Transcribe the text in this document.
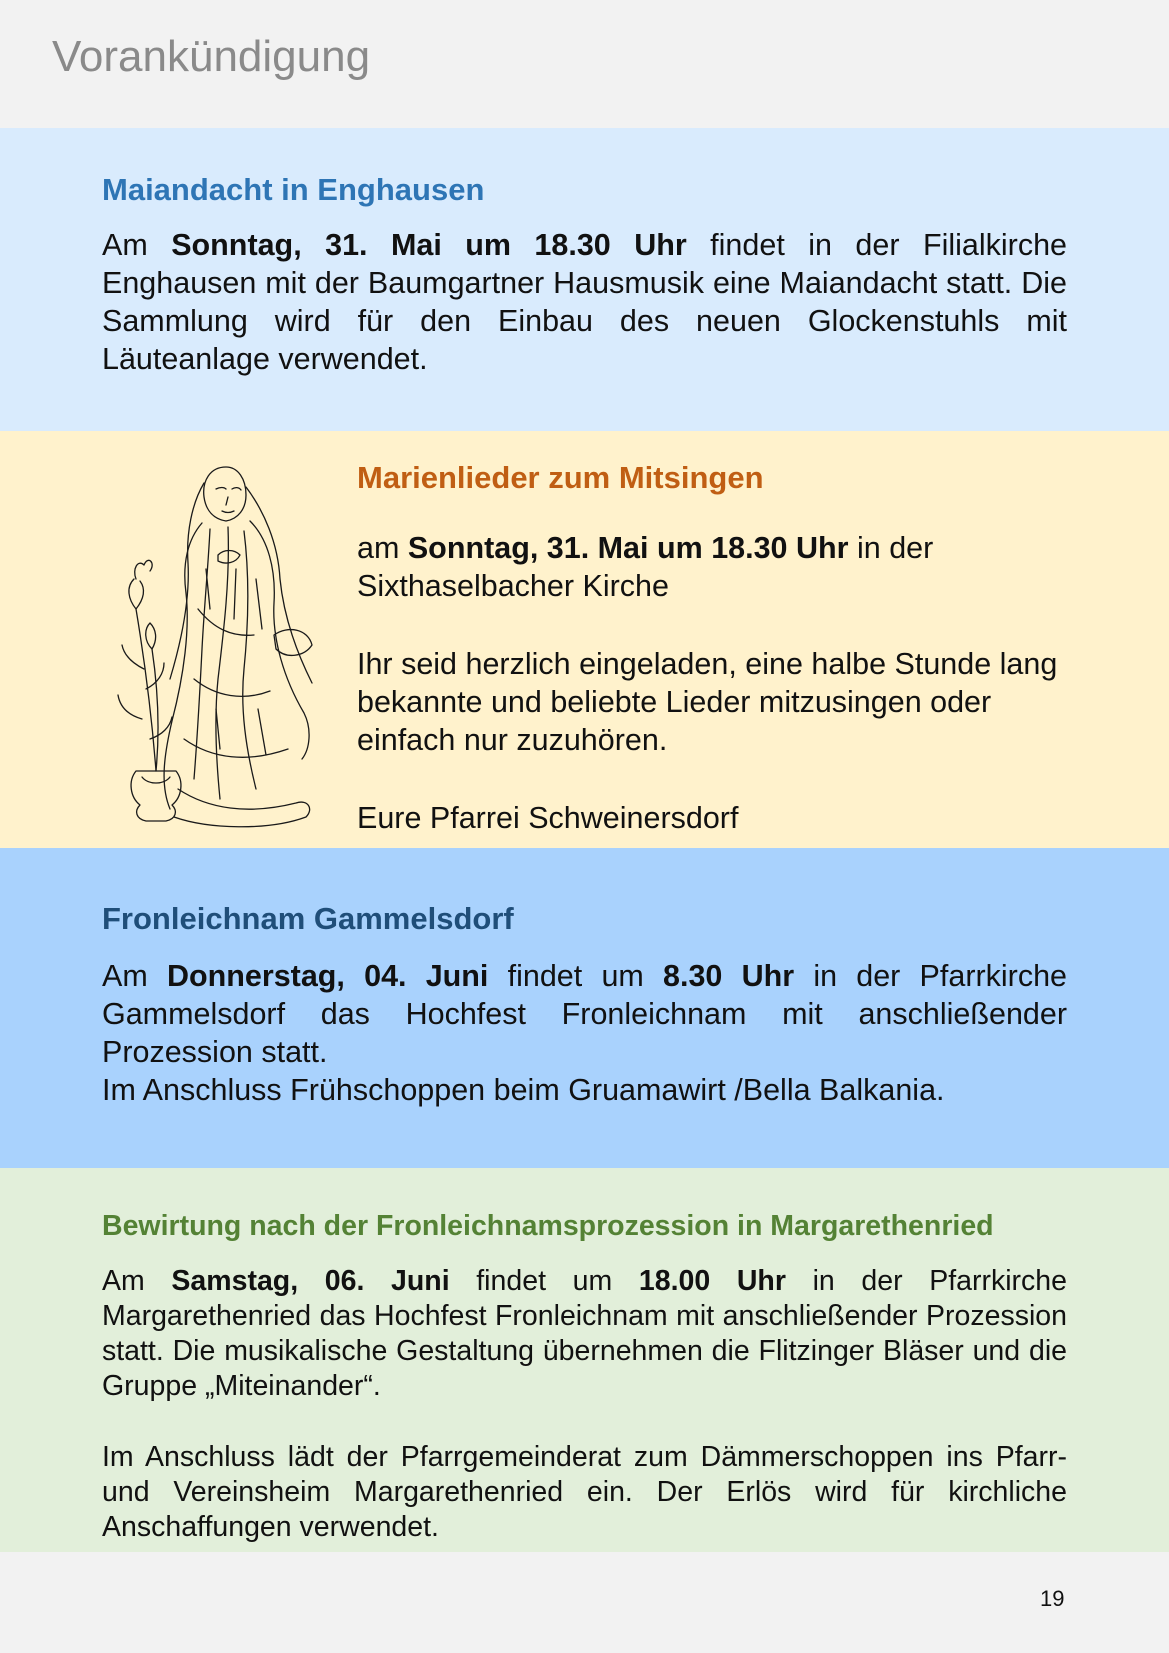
Vorankündigung
Maiandacht in Enghausen

Am Sonntag, 31. Mai um 18.30 Uhr findet in der Filialkirche Enghausen mit der Baumgartner Hausmusik eine Maiandacht statt. Die Sammlung wird für den Einbau des neuen Glockenstuhls mit Läuteanlage verwendet.

Marienlieder zum Mitsingen

am Sonntag, 31. Mai um 18.30 Uhr in der Sixthaselbacher Kirche

Ihr seid herzlich eingeladen, eine halbe Stunde lang bekannte und beliebte Lieder mitzusingen oder einfach nur zuzuhören.

Eure Pfarrei Schweinersdorf

Fronleichnam Gammelsdorf

Am Donnerstag, 04. Juni findet um 8.30 Uhr in der Pfarrkirche Gammelsdorf das Hochfest Fronleichnam mit anschließender Prozession statt.
Im Anschluss Frühschoppen beim Gruamawirt /Bella Balkania.

Bewirtung nach der Fronleichnamsprozession in Margarethenried

Am Samstag, 06. Juni findet um 18.00 Uhr in der Pfarrkirche Margarethenried das Hochfest Fronleichnam mit anschließender Prozession statt. Die musikalische Gestaltung übernehmen die Flitzinger Bläser und die Gruppe „Miteinander“.

Im Anschluss lädt der Pfarrgemeinderat zum Dämmerschoppen ins Pfarr- und Vereinsheim Margarethenried ein. Der Erlös wird für kirchliche Anschaffungen verwendet.

19
